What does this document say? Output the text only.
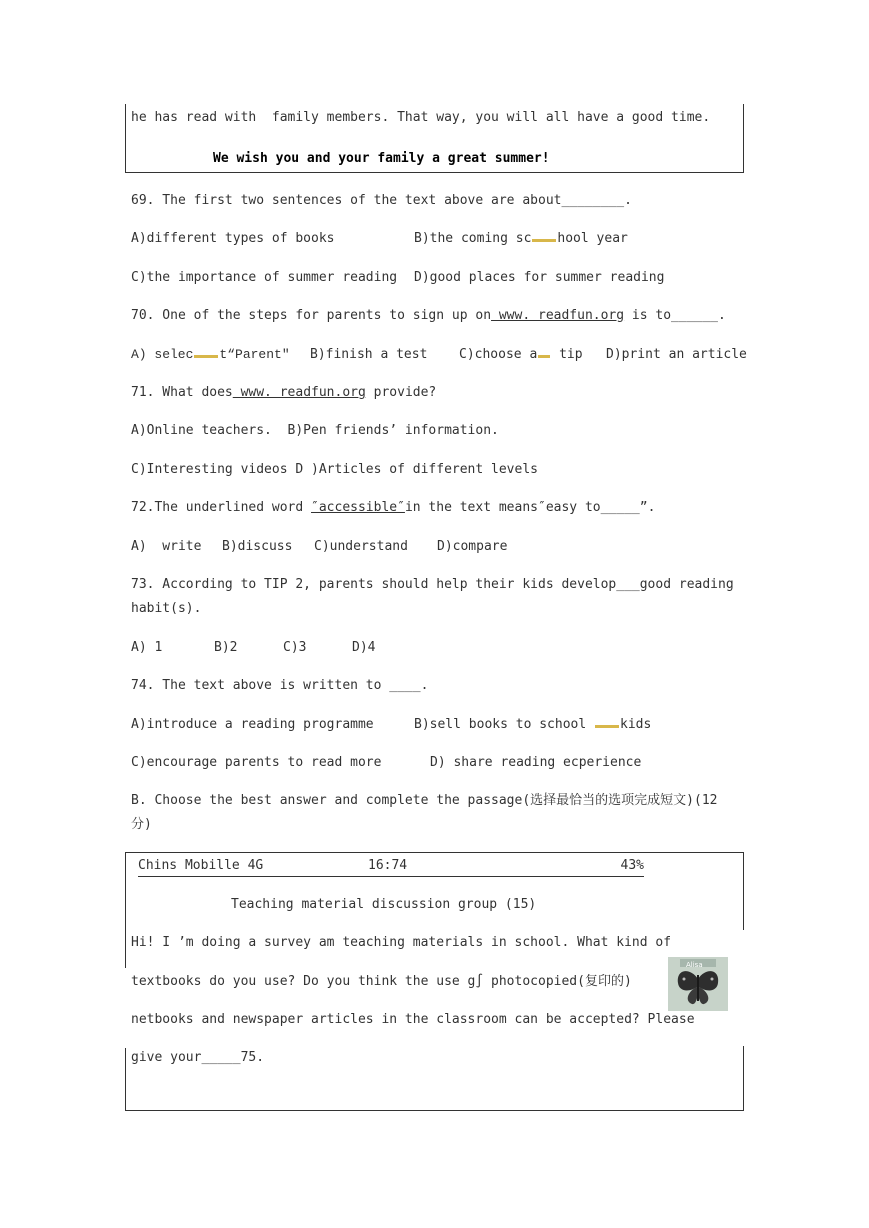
he has read with  family members. That way, you will all have a good time.
We wish you and your family a great summer!
69. The first two sentences of the text above are about________.
A)different types of books	B)the coming sc hool year
C)the importance of summer reading D)good places for summer reading
70. One of the steps for parents to sign up on www. readfun.org is to______.
A) selec t“Parent″ B)finish a test C)choose a tip D)print an article
71. What does www. readfun.org provide?
A)Online teachers.  B)Pen friends’ information.
C)Interesting videos D )Articles of different levels
72.The underlined word ″accessible″in the text means″easy to_____”.
A)  write B)discuss C)understand D)compare
73. According to TIP 2, parents should help their kids develop___good reading
habit(s).
A) 1	B)2	C)3	D)4
74. The text above is written to ____.
A)introduce a reading programme	B)sell books to school kids
C)encourage parents to read more	D) share reading ecperience
B. Choose the best answer and complete the passage(选择最恰当的选项完成短文)(12
分)
Chins Mobille 4G	16:74	43%
Teaching material discussion group (15)
Hi! I ’m doing a survey am teaching materials in school. What kind of
textbooks do you use? Do you think the use g∫ photocopied(复印的)
netbooks and newspaper articles in the classroom can be accepted? Please
give your_____75.
Alisa
